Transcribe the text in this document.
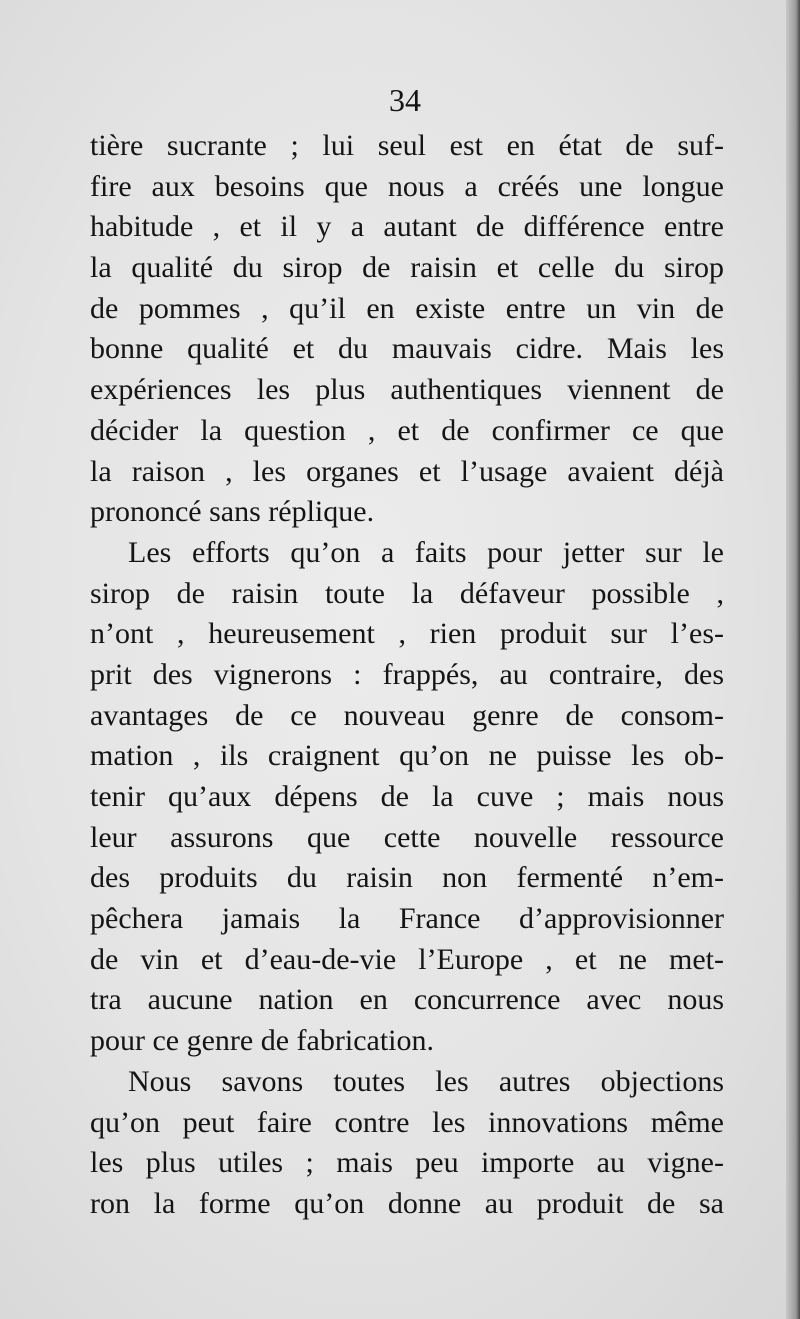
34
tière sucrante ; lui seul est en état de suf-
fire aux besoins que nous a créés une longue
habitude , et il y a autant de différence entre
la qualité du sirop de raisin et celle du sirop
de pommes , qu’il en existe entre un vin de
bonne qualité et du mauvais cidre. Mais les
expériences les plus authentiques viennent de
décider la question , et de confirmer ce que
la raison , les organes et l’usage avaient déjà
prononcé sans réplique.
Les efforts qu’on a faits pour jetter sur le
sirop de raisin toute la défaveur possible ,
n’ont , heureusement , rien produit sur l’es-
prit des vignerons : frappés, au contraire, des
avantages de ce nouveau genre de consom-
mation , ils craignent qu’on ne puisse les ob-
tenir qu’aux dépens de la cuve ; mais nous
leur assurons que cette nouvelle ressource
des produits du raisin non fermenté n’em-
pêchera jamais la France d’approvisionner
de vin et d’eau-de-vie l’Europe , et ne met-
tra aucune nation en concurrence avec nous
pour ce genre de fabrication.
Nous savons toutes les autres objections
qu’on peut faire contre les innovations même
les plus utiles ; mais peu importe au vigne-
ron la forme qu’on donne au produit de sa
